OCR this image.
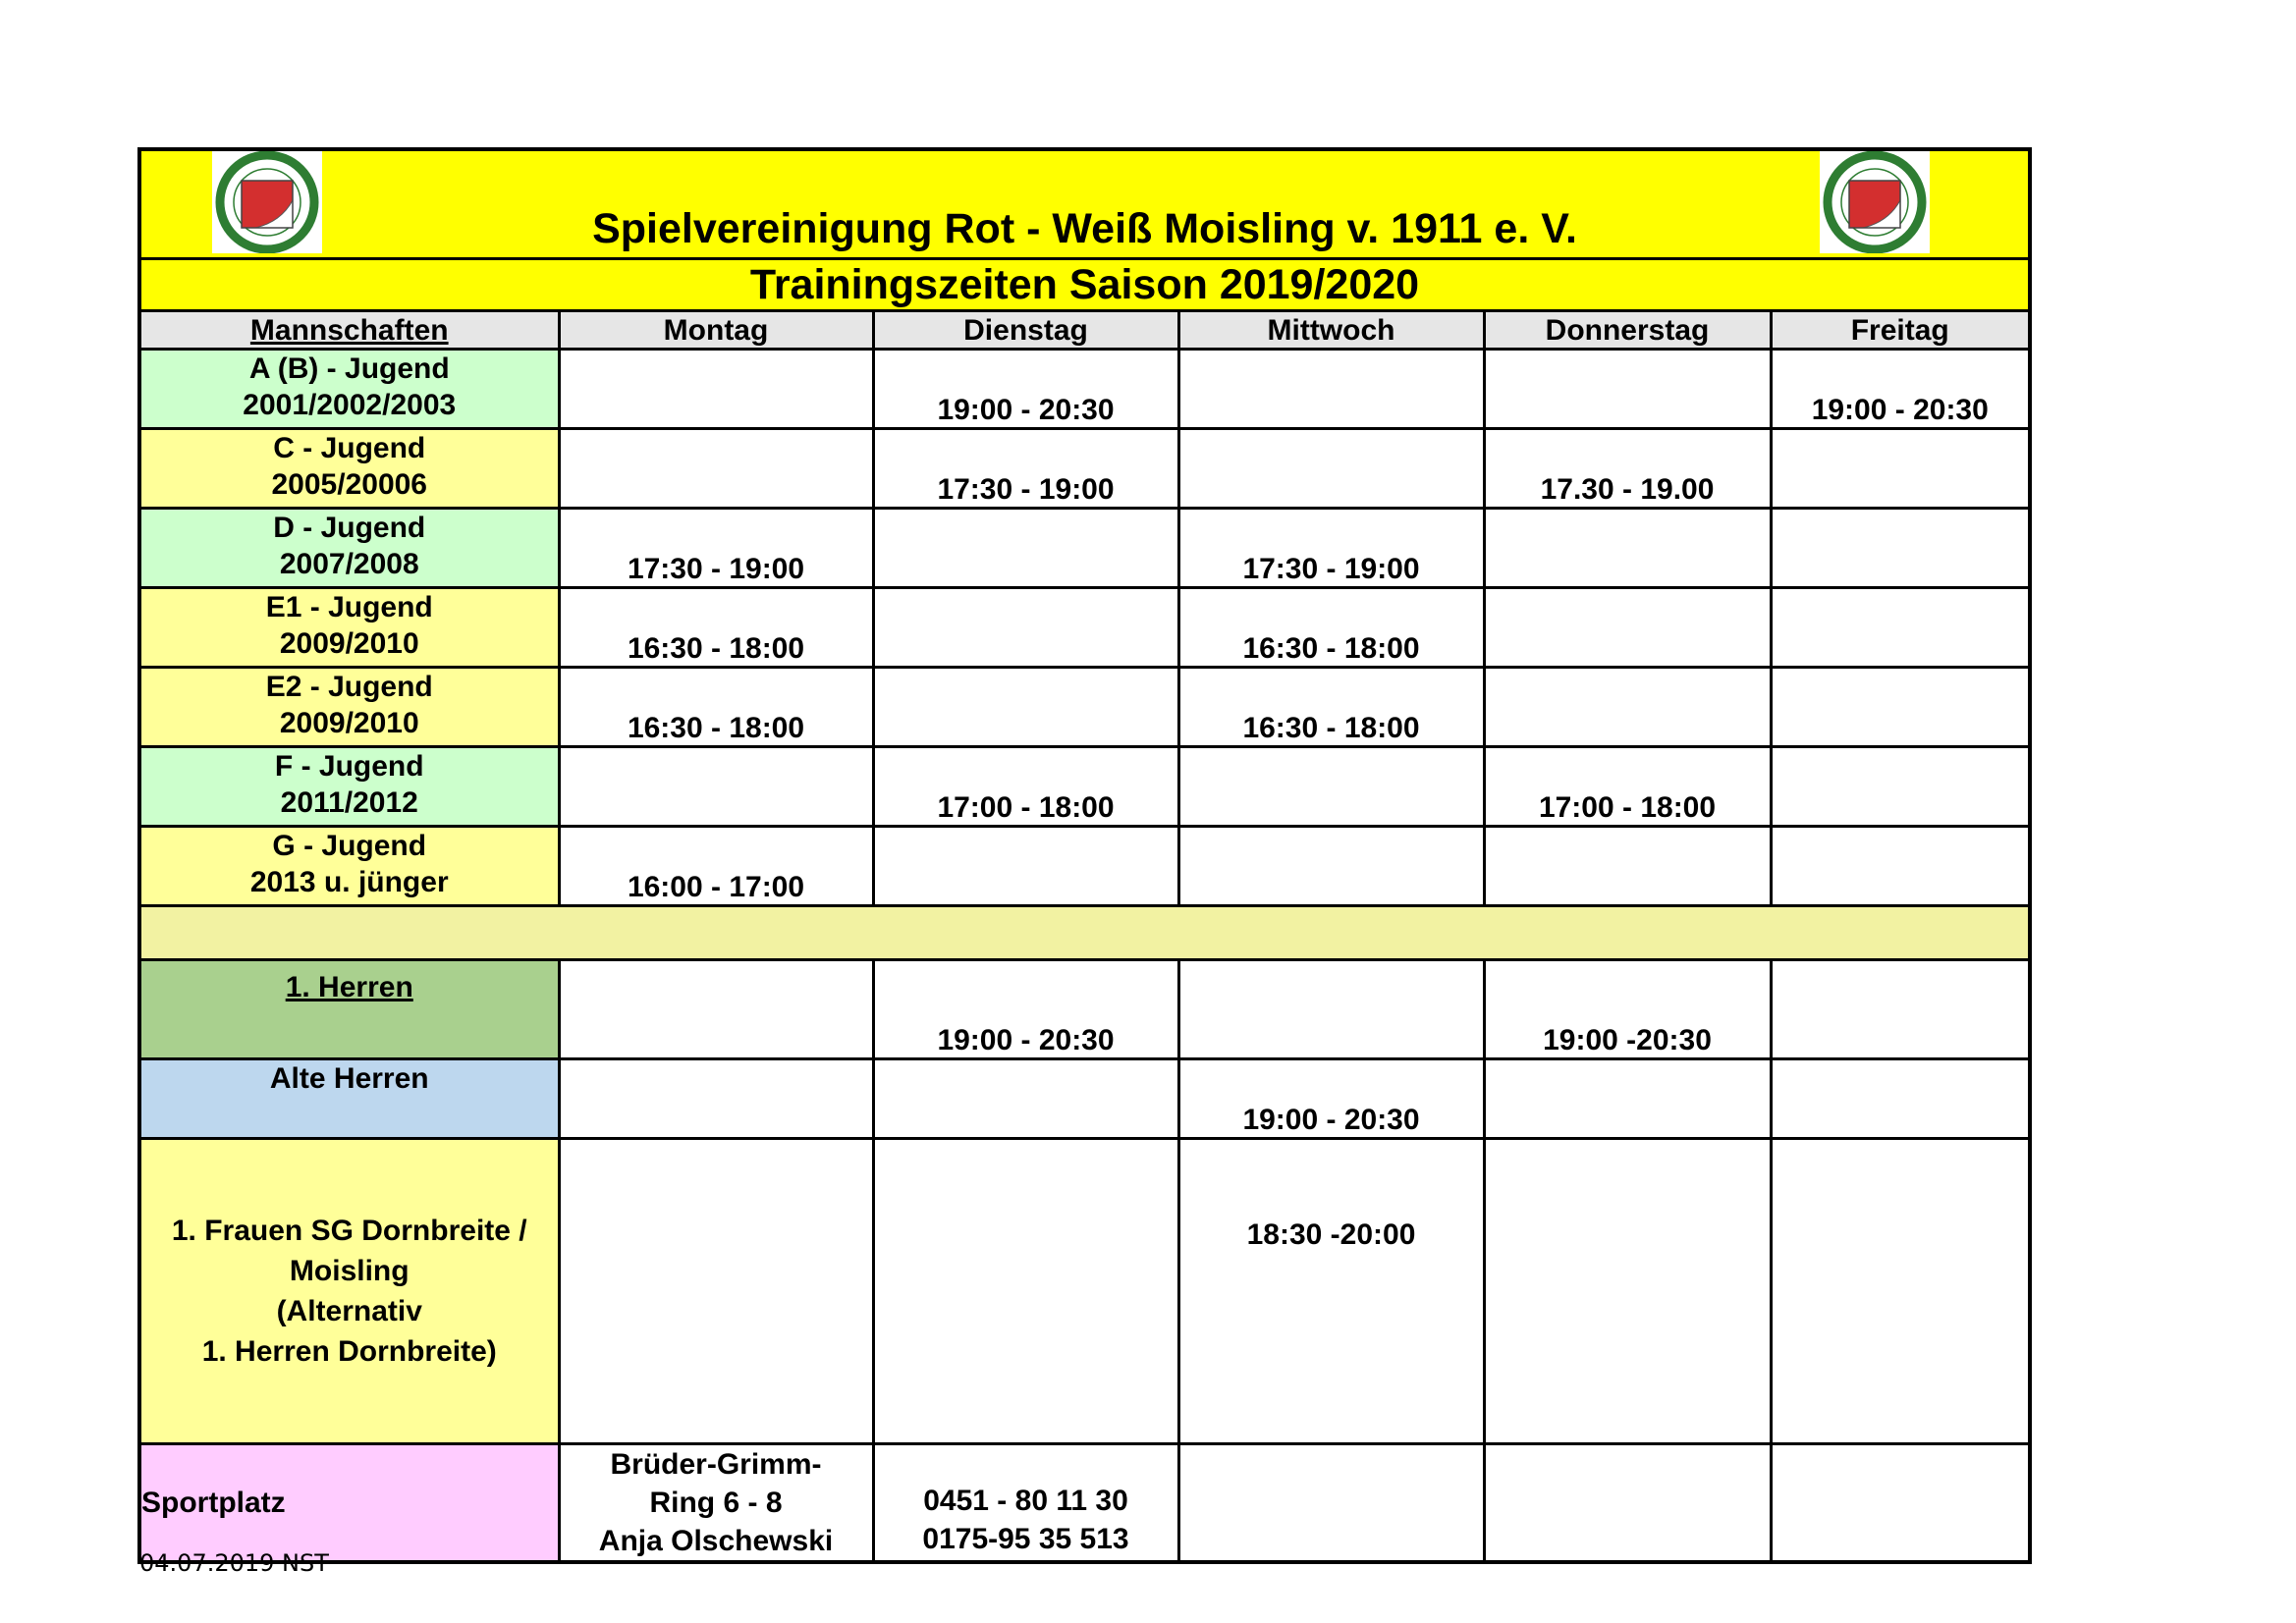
Spielvereinigung Rot - Weiß Moisling v. 1911 e. V.
Trainingszeiten Saison 2019/2020
Mannschaften	Montag	Dienstag	Mittwoch	Donnerstag	Freitag
A (B) - Jugend
2001/2002/2003		19:00 - 20:30			19:00 - 20:30
C - Jugend
2005/20006		17:30 - 19:00		17.30 - 19.00	
D - Jugend
2007/2008	17:30 - 19:00		17:30 - 19:00		
E1 - Jugend
2009/2010	16:30 - 18:00		16:30 - 18:00		
E2 - Jugend
2009/2010	16:30 - 18:00		16:30 - 18:00		
F - Jugend
2011/2012		17:00 - 18:00		17:00 - 18:00	
G - Jugend
2013 u. jünger	16:00 - 17:00				

1. Herren		19:00 - 20:30		19:00 -20:30	
Alte Herren			19:00 - 20:30		
1. Frauen SG Dornbreite /
Moisling
(Alternativ
1. Herren Dornbreite)			18:30 -20:00		
Sportplatz	Brüder-Grimm-
Ring 6 - 8
Anja Olschewski	0451 - 80 11 30
0175-95 35 513			
04.07.2019 NST
